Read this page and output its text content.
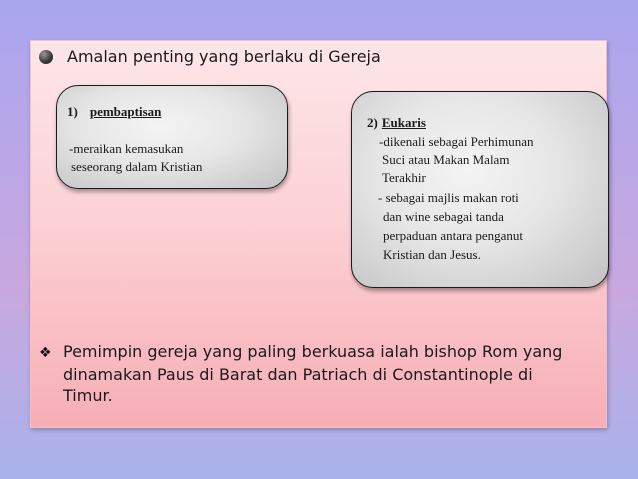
Amalan penting yang berlaku di Gereja
1) pembaptisan
-meraikan kemasukan
seseorang dalam Kristian
2) Eukaris
-dikenali sebagai Perhimunan
Suci atau Makan Malam
Terakhir
- sebagai majlis makan roti
dan wine sebagai tanda
perpaduan antara penganut
Kristian dan Jesus.
❖ Pemimpin gereja yang paling berkuasa ialah bishop Rom yang
dinamakan Paus di Barat dan Patriach di Constantinople di
Timur.
